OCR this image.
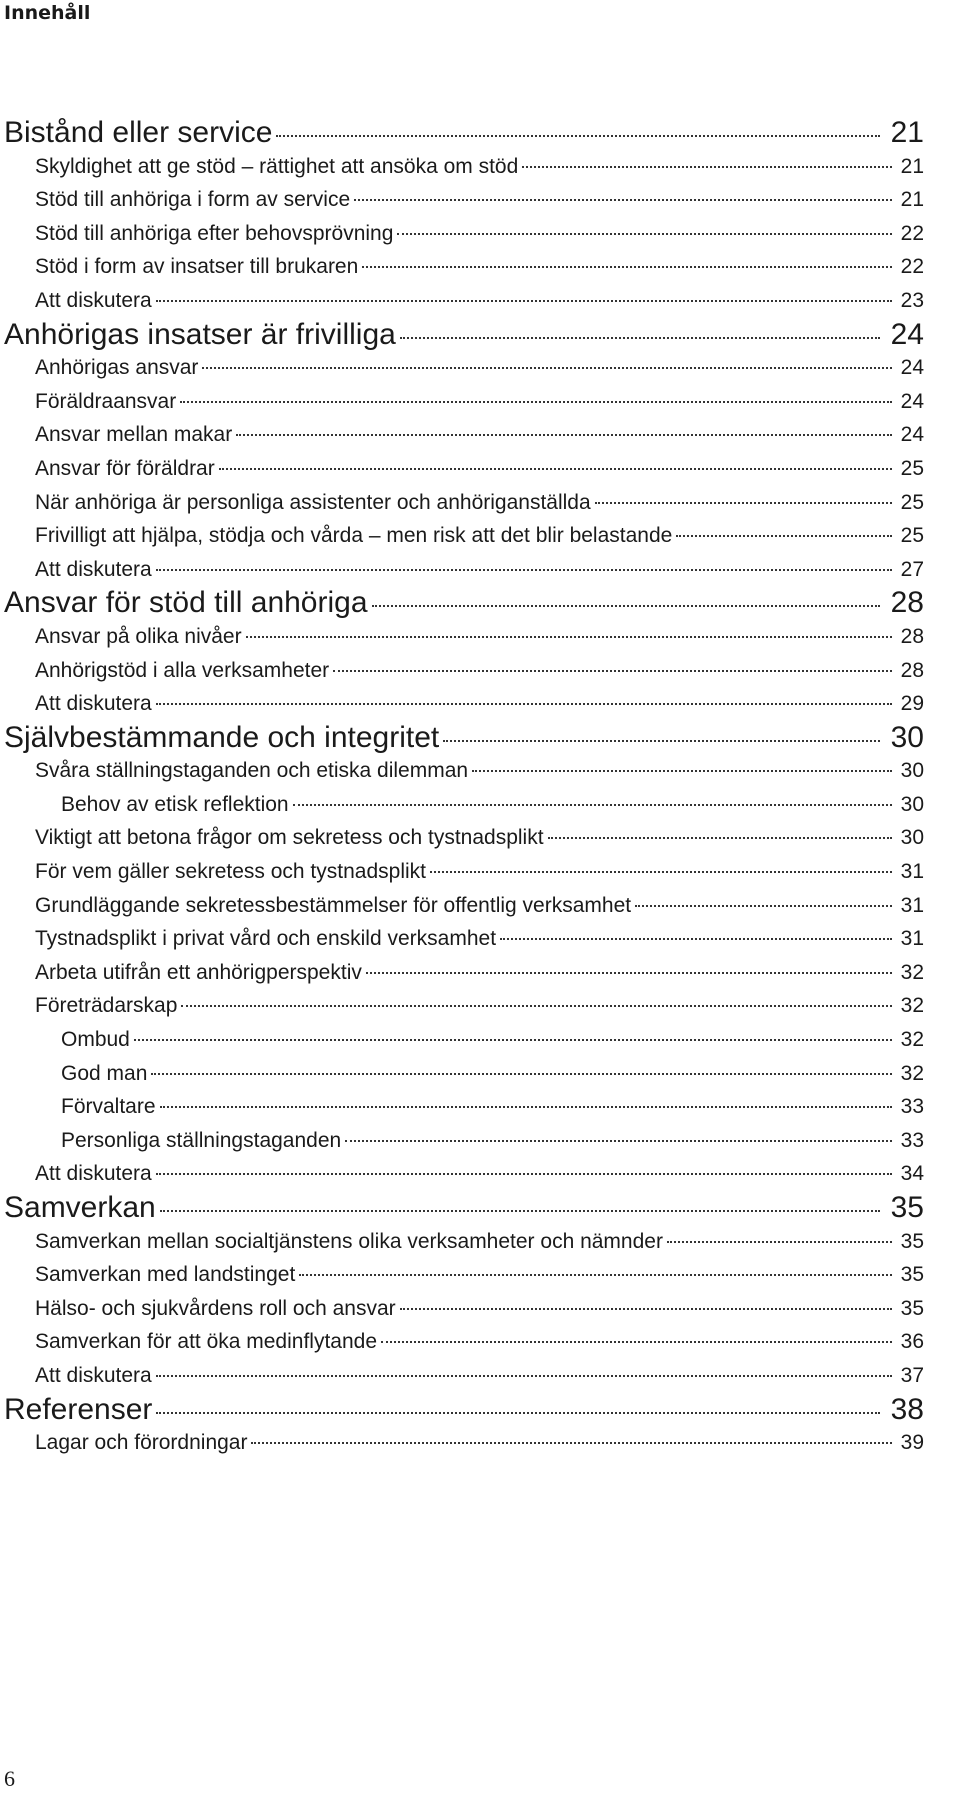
Innehåll
Bistånd eller service	21
Skyldighet att ge stöd – rättighet att ansöka om stöd	21
Stöd till anhöriga i form av service	21
Stöd till anhöriga efter behovsprövning	22
Stöd i form av insatser till brukaren	22
Att diskutera	23
Anhörigas insatser är frivilliga	24
Anhörigas ansvar	24
Föräldraansvar	24
Ansvar mellan makar	24
Ansvar för föräldrar	25
När anhöriga är personliga assistenter och anhöriganställda	25
Frivilligt att hjälpa, stödja och vårda – men risk att det blir belastande	25
Att diskutera	27
Ansvar för stöd till anhöriga	28
Ansvar på olika nivåer	28
Anhörigstöd i alla verksamheter	28
Att diskutera	29
Självbestämmande och integritet	30
Svåra ställningstaganden och etiska dilemman	30
Behov av etisk reflektion	30
Viktigt att betona frågor om sekretess och tystnadsplikt	30
För vem gäller sekretess och tystnadsplikt	31
Grundläggande sekretessbestämmelser för offentlig verksamhet	31
Tystnadsplikt i privat vård och enskild verksamhet	31
Arbeta utifrån ett anhörigperspektiv	32
Företrädarskap	32
Ombud	32
God man	32
Förvaltare	33
Personliga ställningstaganden	33
Att diskutera	34
Samverkan	35
Samverkan mellan socialtjänstens olika verksamheter och nämnder	35
Samverkan med landstinget	35
Hälso- och sjukvårdens roll och ansvar	35
Samverkan för att öka medinflytande	36
Att diskutera	37
Referenser	38
Lagar och förordningar	39
6
